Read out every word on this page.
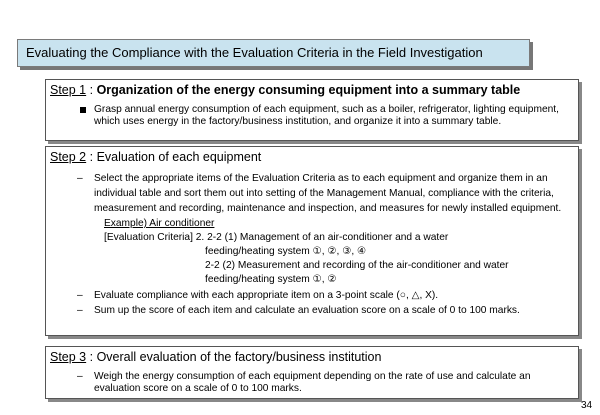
Evaluating the Compliance with the Evaluation Criteria in the Field Investigation
Step 1 : Organization of the energy consuming equipment into a summary table
Grasp annual energy consumption of each equipment, such as a boiler, refrigerator, lighting equipment, which uses energy in the factory/business institution, and organize it into a summary table.
Step 2 : Evaluation of each equipment
– Select the appropriate items of the Evaluation Criteria as to each equipment and organize them in an individual table and sort them out into setting of the Management Manual, compliance with the criteria, measurement and recording, maintenance and inspection, and measures for newly installed equipment.
Example) Air conditioner
[Evaluation Criteria] 2. 2-2 (1) Management of an air-conditioner and a water
feeding/heating system ①, ②, ③, ④
2-2 (2) Measurement and recording of the air-conditioner and water
feeding/heating system ①, ②
– Evaluate compliance with each appropriate item on a 3-point scale (○, △, X).
– Sum up the score of each item and calculate an evaluation score on a scale of 0 to 100 marks.
Step 3 : Overall evaluation of the factory/business institution
– Weigh the energy consumption of each equipment depending on the rate of use and calculate an evaluation score on a scale of 0 to 100 marks.
34
